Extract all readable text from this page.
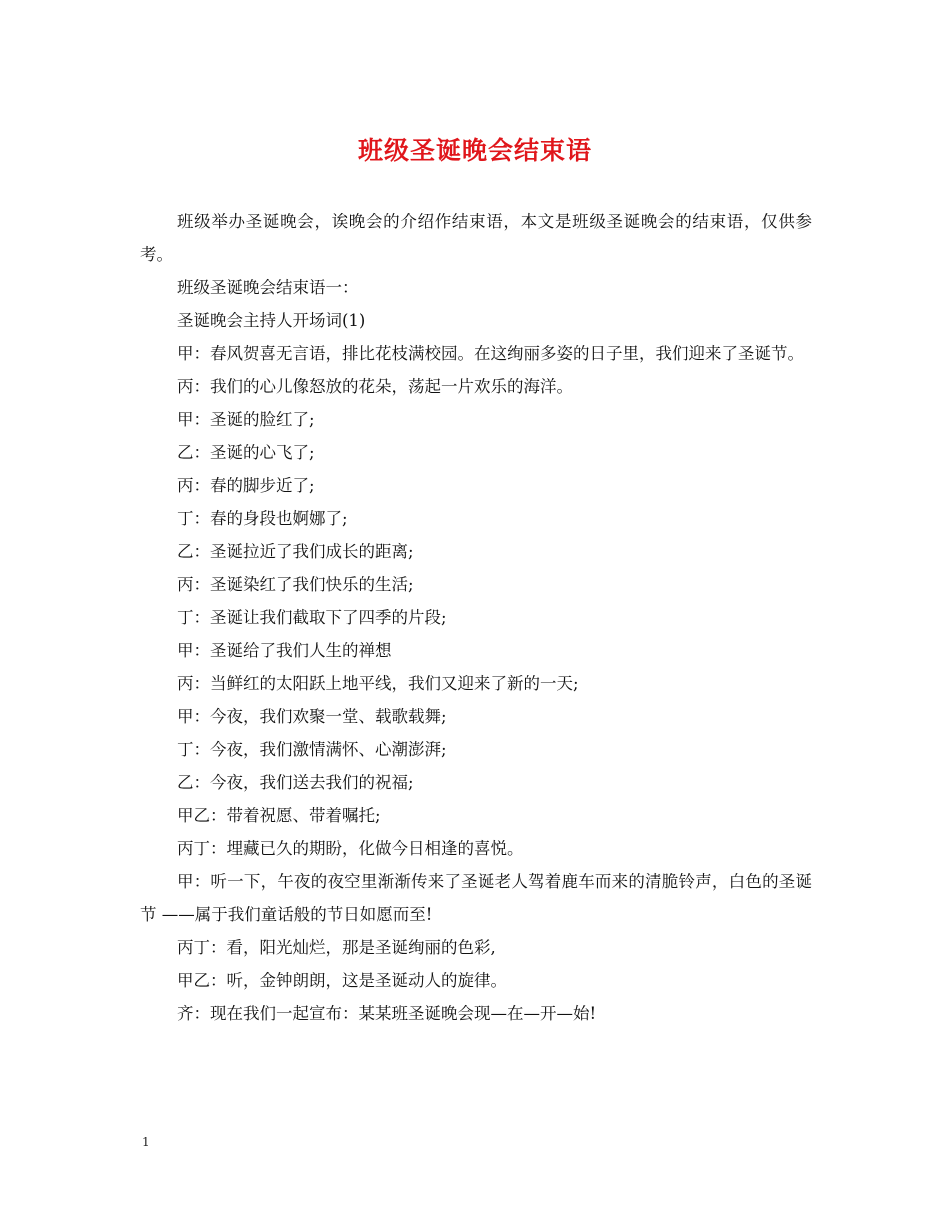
班级圣诞晚会结束语

班级举办圣诞晚会，诶晚会的介绍作结束语，本文是班级圣诞晚会的结束语，仅供参考。

班级圣诞晚会结束语一：

圣诞晚会主持人开场词(1)

甲：春风贺喜无言语，排比花枝满校园。在这绚丽多姿的日子里，我们迎来了圣诞节。

丙：我们的心儿像怒放的花朵，荡起一片欢乐的海洋。

甲：圣诞的脸红了;

乙：圣诞的心飞了;

丙：春的脚步近了;

丁：春的身段也婀娜了;

乙：圣诞拉近了我们成长的距离;

丙：圣诞染红了我们快乐的生活;

丁：圣诞让我们截取下了四季的片段;

甲：圣诞给了我们人生的禅想

丙：当鲜红的太阳跃上地平线，我们又迎来了新的一天;

甲：今夜，我们欢聚一堂、载歌载舞;

丁：今夜，我们激情满怀、心潮澎湃;

乙：今夜，我们送去我们的祝福;

甲乙：带着祝愿、带着嘱托;

丙丁：埋藏已久的期盼，化做今日相逢的喜悦。

甲：听一下，午夜的夜空里渐渐传来了圣诞老人驾着鹿车而来的清脆铃声，白色的圣诞节 ——属于我们童话般的节日如愿而至!

丙丁：看，阳光灿烂，那是圣诞绚丽的色彩,

甲乙：听，金钟朗朗，这是圣诞动人的旋律。

齐：现在我们一起宣布：某某班圣诞晚会现—在—开—始!

1
